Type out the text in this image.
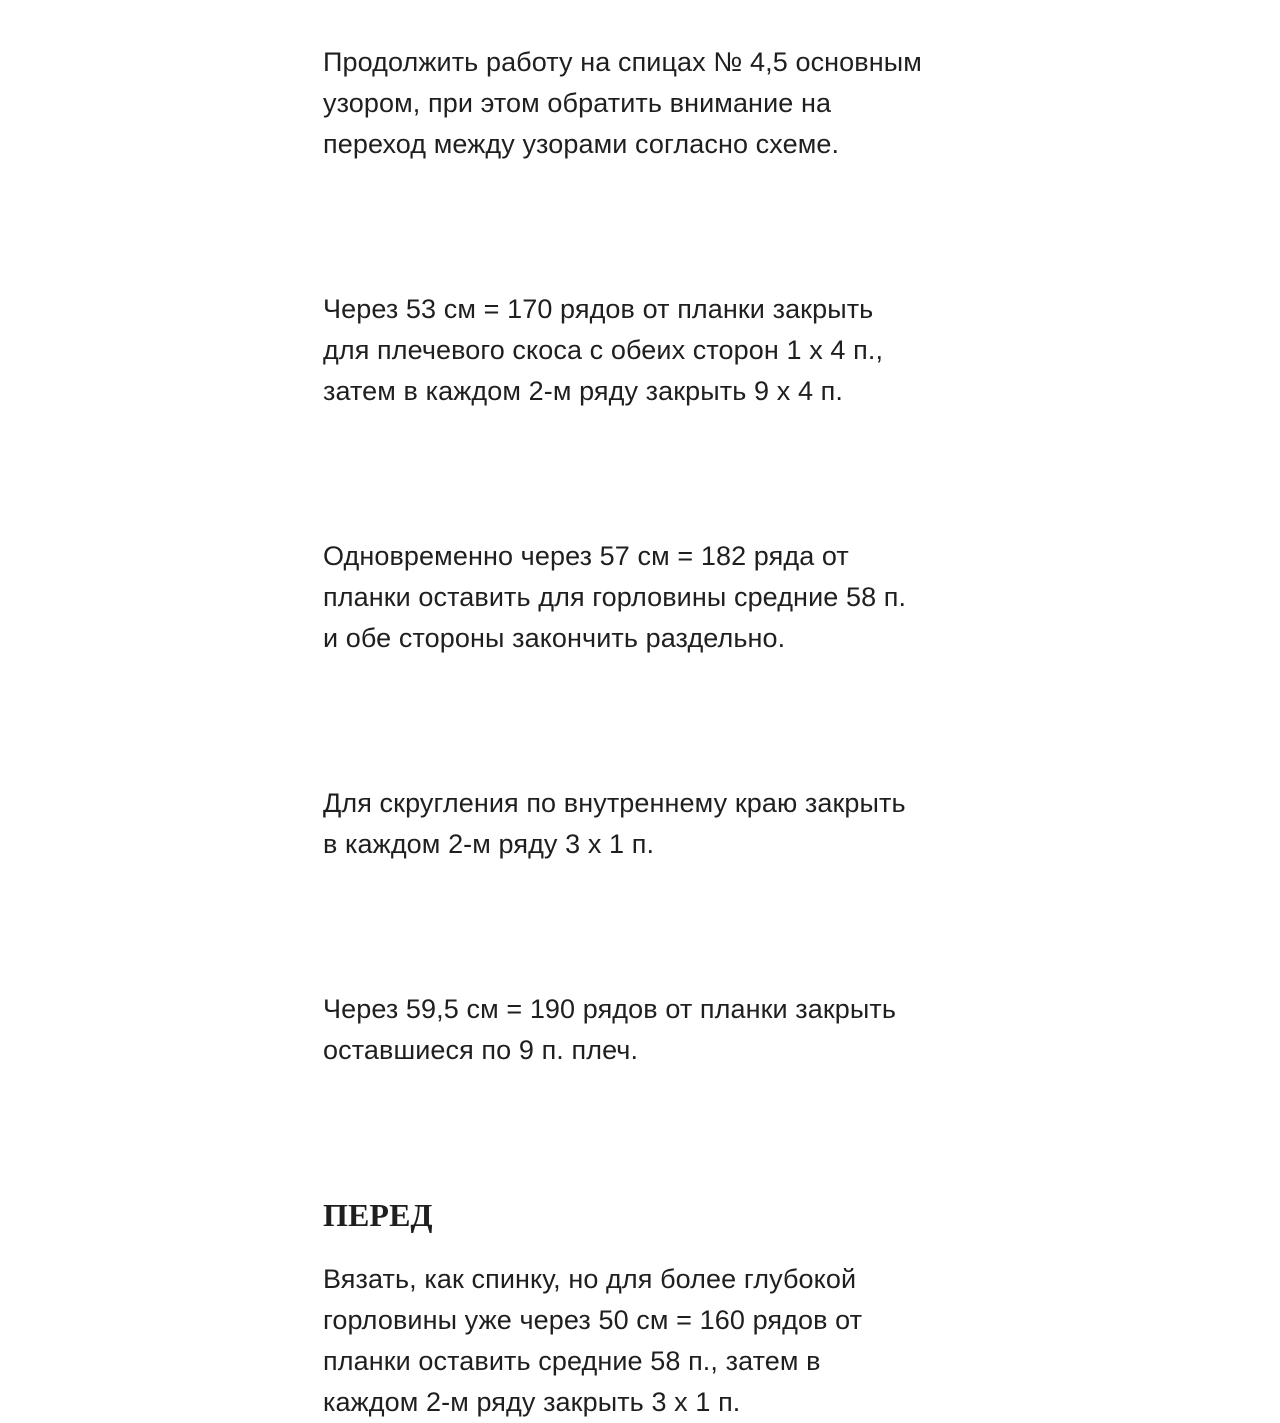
Продолжить работу на спицах № 4,5 основным
узором, при этом обратить внимание на
переход между узорами согласно схеме.

Через 53 см = 170 рядов от планки закрыть
для плечевого скоса с обеих сторон 1 х 4 п.,
затем в каждом 2-м ряду закрыть 9 х 4 п.

Одновременно через 57 см = 182 ряда от
планки оставить для горловины средние 58 п.
и обе стороны закончить раздельно.

Для скругления по внутреннему краю закрыть
в каждом 2-м ряду 3 х 1 п.

Через 59,5 см = 190 рядов от планки закрыть
оставшиеся по 9 п. плеч.

ПЕРЕД

Вязать, как спинку, но для более глубокой
горловины уже через 50 см = 160 рядов от
планки оставить средние 58 п., затем в
каждом 2-м ряду закрыть 3 х 1 п.
